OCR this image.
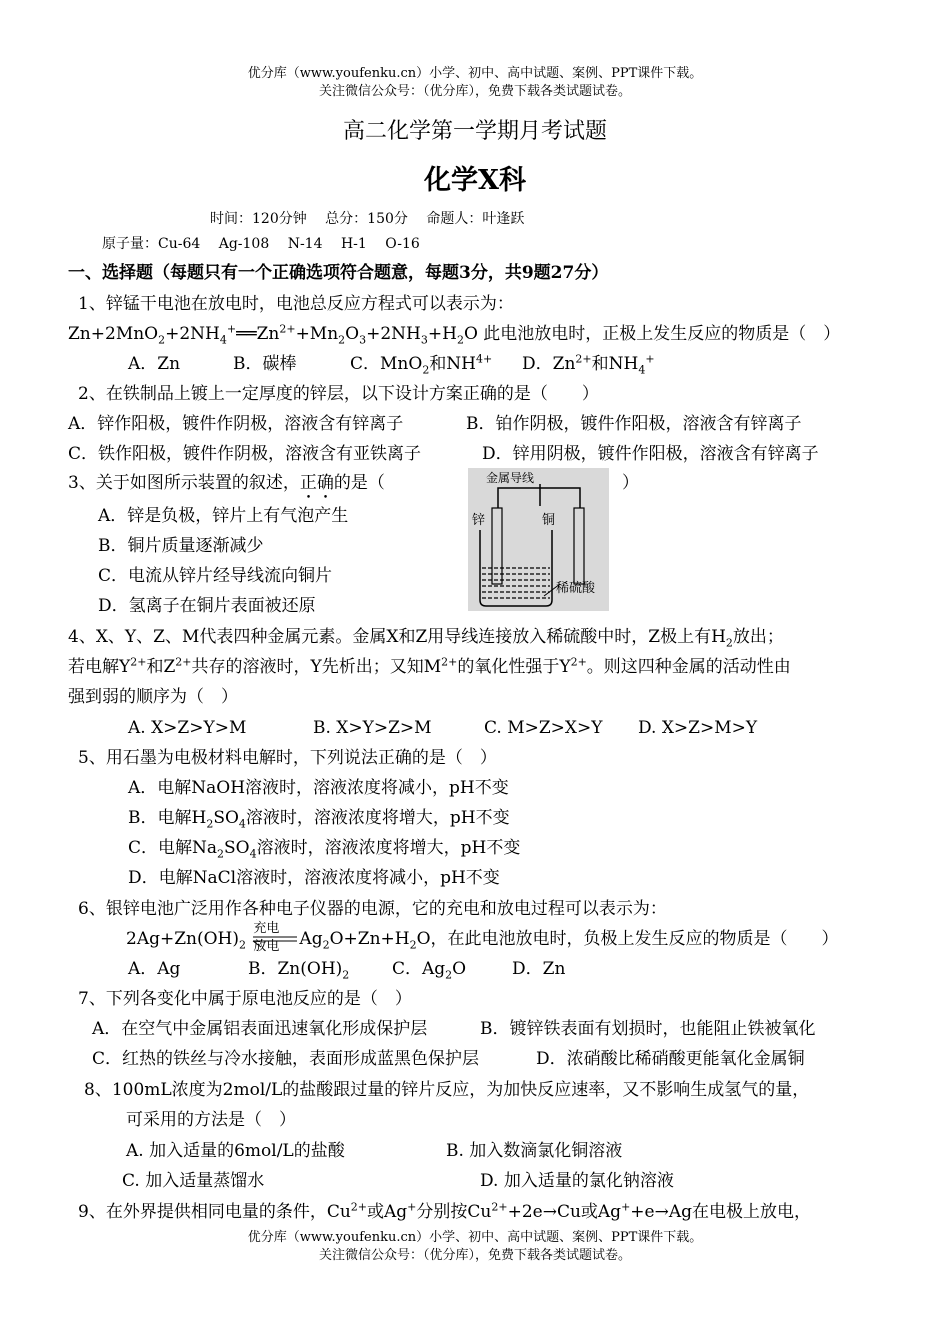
优分库（www.youfenku.cn）小学、初中、高中试题、案例、PPT课件下载。
关注微信公众号：（优分库），免费下载各类试题试卷。
高二化学第一学期月考试题
化学X科
时间：120分钟　 总分：150分　 命题人：叶逢跃
原子量：Cu-64　 Ag-108　 N-14　 H-1　 O-16
一、选择题（每题只有一个正确选项符合题意，每题3分，共9题27分）
1、锌锰干电池在放电时，电池总反应方程式可以表示为：
$Zn+2MnO_2+2NH_4^+══Zn^{2+}+Mn_2O_3+2NH_3+H_2O$ 此电池放电时，正极上发生反应的物质是（　）
A．Zn	B．碳棒	C．MnO$_2$和$NH^{4+}$ D．$Zn^{2+}$和$NH_4^+$
2、在铁制品上镀上一定厚度的锌层，以下设计方案正确的是（　　）
A．锌作阳极，镀件作阴极，溶液含有锌离子	B．铂作阴极，镀件作阳极，溶液含有锌离子
C．铁作阳极，镀件作阴极，溶液含有亚铁离子	D．锌用阴极，镀件作阳极，溶液含有锌离子
3、关于如图所示装置的叙述，正确的是（	）
金属导线
锌	铜
稀硫酸
A．锌是负极，锌片上有气泡产生
B．铜片质量逐渐减少
C．电流从锌片经导线流向铜片
D．氢离子在铜片表面被还原
4、X、Y、Z、M代表四种金属元素。金属X和Z用导线连接放入稀硫酸中时，Z极上有$H_2$放出；
若电解$Y^{2+}$和$Z^{2+}$共存的溶液时，Y先析出；又知$M^{2+}$的氧化性强于$Y^{2+}$。则这四种金属的活动性由
强到弱的顺序为（　）
A. X>Z>Y>M	B. X>Y>Z>M	C. M>Z>X>Y D. X>Z>M>Y
5、用石墨为电极材料电解时，下列说法正确的是（　）
A．电解NaOH溶液时，溶液浓度将减小，pH不变
B．电解$H_2SO_4$溶液时，溶液浓度将增大，pH不变
C．电解$Na_2SO_4$溶液时，溶液浓度将增大，pH不变
D．电解NaCl溶液时，溶液浓度将减小，pH不变
6、银锌电池广泛用作各种电子仪器的电源，它的充电和放电过程可以表示为：
$2Ag+Zn(OH)_2$
充电
放电 $Ag_2O+Zn+H_2O$，在此电池放电时，负极上发生反应的物质是（　　）
A．Ag	B．$Zn(OH)_2$	C．$Ag_2O$	D．Zn
7、下列各变化中属于原电池反应的是（　）
A．在空气中金属铝表面迅速氧化形成保护层	B．镀锌铁表面有划损时，也能阻止铁被氧化
C．红热的铁丝与冷水接触，表面形成蓝黑色保护层	D．浓硝酸比稀硝酸更能氧化金属铜
8、100mL浓度为2mol/L的盐酸跟过量的锌片反应，为加快反应速率，又不影响生成氢气的量，
可采用的方法是（　）
A. 加入适量的6mol/L的盐酸	B. 加入数滴氯化铜溶液
C. 加入适量蒸馏水	D. 加入适量的氯化钠溶液
9、在外界提供相同电量的条件，$Cu^{2+}$或Ag+分别按$Cu^{2+}+2e\to Cu$或Ag++e→Ag在电极上放电，
优分库（www.youfenku.cn）小学、初中、高中试题、案例、PPT课件下载。
关注微信公众号：（优分库），免费下载各类试题试卷。
